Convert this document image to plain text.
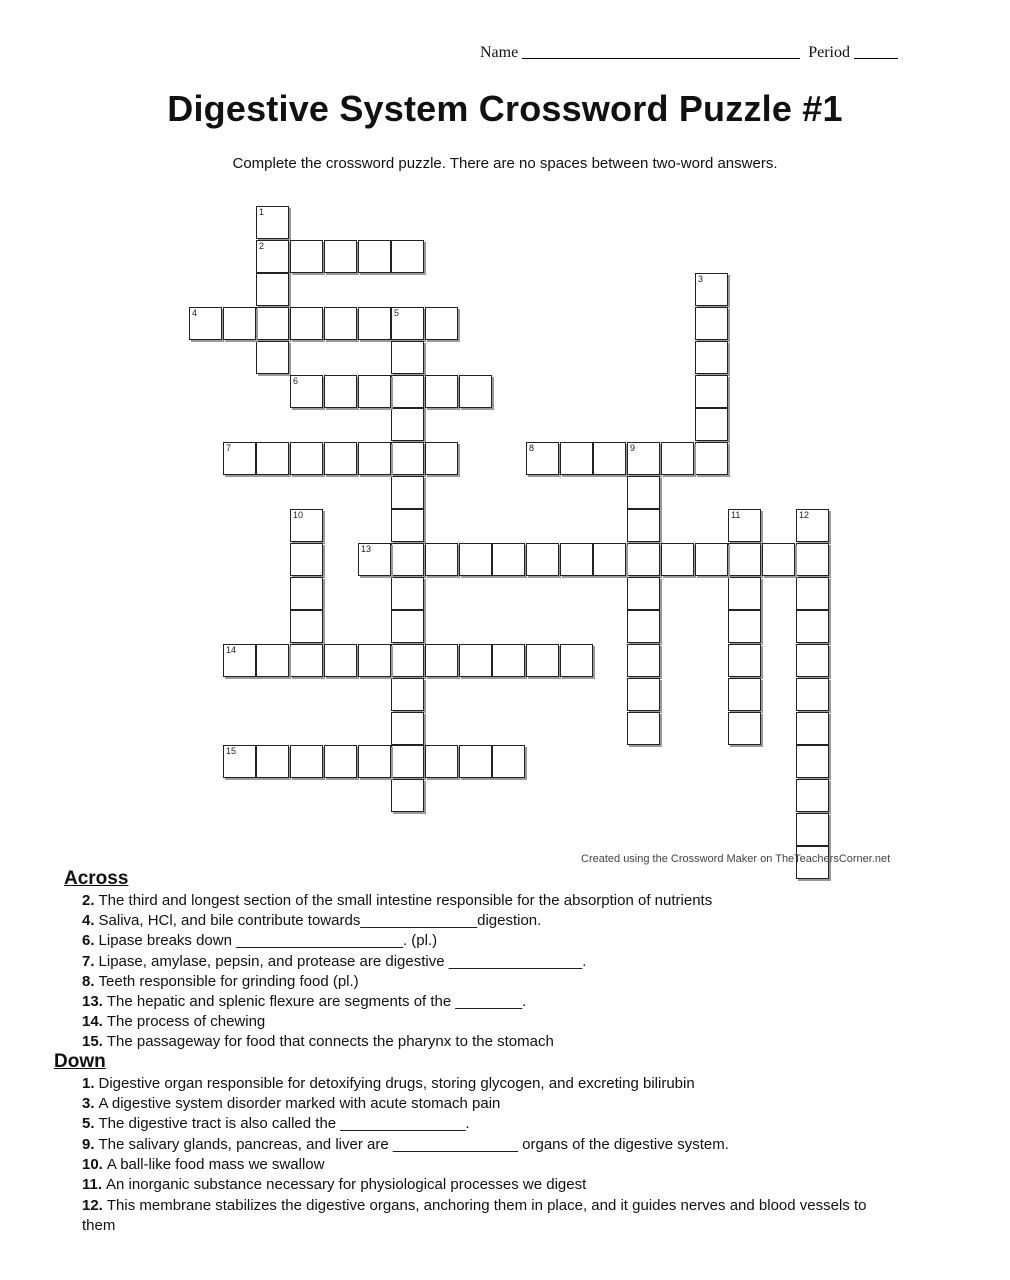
Name	Period
Digestive System Crossword Puzzle #1
Complete the crossword puzzle. There are no spaces between two-word answers.
1
2
3
4	5
6
7	8	9
10	11	12
13
14
15
Created using the Crossword Maker on TheTeachersCorner.net
Across
2. The third and longest section of the small intestine responsible for the absorption of nutrients
4. Saliva, HCl, and bile contribute towards______________digestion.
6. Lipase breaks down ____________________. (pl.)
7. Lipase, amylase, pepsin, and protease are digestive ________________.
8. Teeth responsible for grinding food (pl.)
13. The hepatic and splenic flexure are segments of the ________.
14. The process of chewing
15. The passageway for food that connects the pharynx to the stomach
Down
1. Digestive organ responsible for detoxifying drugs, storing glycogen, and excreting bilirubin
3. A digestive system disorder marked with acute stomach pain
5. The digestive tract is also called the _______________.
9. The salivary glands, pancreas, and liver are _______________ organs of the digestive system.
10. A ball-like food mass we swallow
11. An inorganic substance necessary for physiological processes we digest
12. This membrane stabilizes the digestive organs, anchoring them in place, and it guides nerves and blood vessels to them
